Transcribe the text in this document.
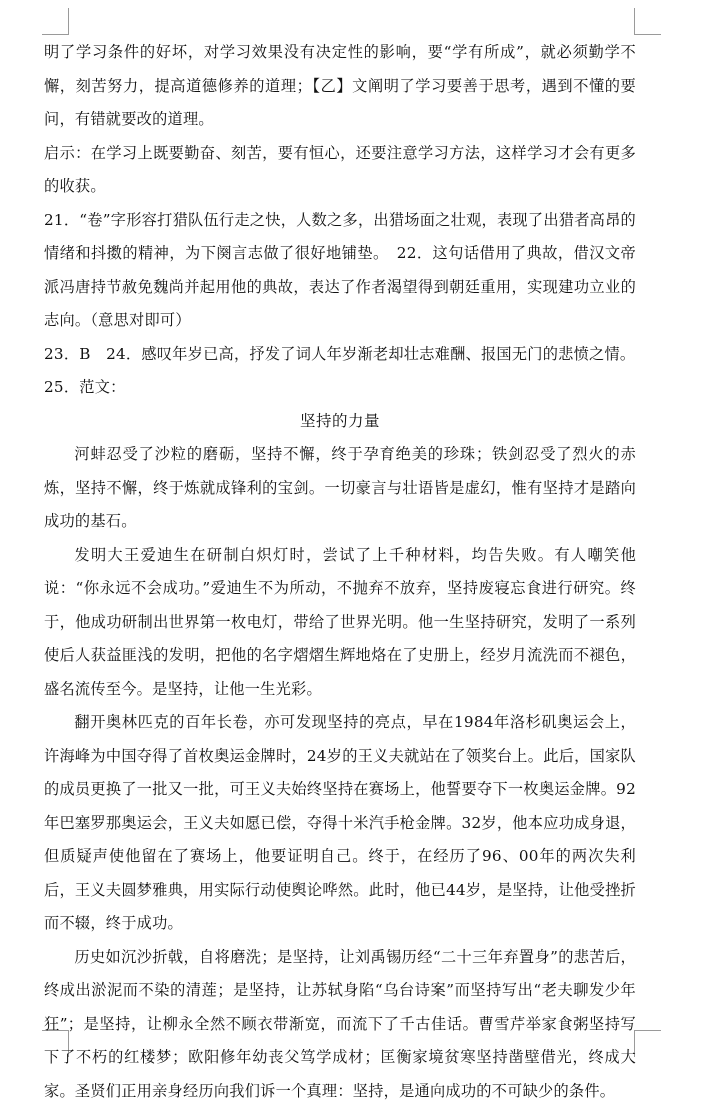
明了学习条件的好坏，对学习效果没有决定性的影响，要“学有所成”，就必须勤学不懈，刻苦努力，提高道德修养的道理；【乙】文阐明了学习要善于思考，遇到不懂的要问，有错就要改的道理。

启示：在学习上既要勤奋、刻苦，要有恒心，还要注意学习方法，这样学习才会有更多的收获。

21．“卷”字形容打猎队伍行走之快，人数之多，出猎场面之壮观，表现了出猎者高昂的情绪和抖擞的精神，为下阕言志做了很好地铺垫。　22．这句话借用了典故，借汉文帝派冯唐持节赦免魏尚并起用他的典故，表达了作者渴望得到朝廷重用，实现建功立业的志向。（意思对即可）

23．B　24．感叹年岁已高，抒发了词人年岁渐老却壮志难酬、报国无门的悲愤之情。

25．范文：

坚持的力量

河蚌忍受了沙粒的磨砺，坚持不懈，终于孕育绝美的珍珠；铁剑忍受了烈火的赤炼，坚持不懈，终于炼就成锋利的宝剑。一切豪言与壮语皆是虚幻，惟有坚持才是踏向成功的基石。

发明大王爱迪生在研制白炽灯时，尝试了上千种材料，均告失败。有人嘲笑他说：“你永远不会成功。”爱迪生不为所动，不抛弃不放弃，坚持废寝忘食进行研究。终于，他成功研制出世界第一枚电灯，带给了世界光明。他一生坚持研究，发明了一系列使后人获益匪浅的发明，把他的名字熠熠生辉地烙在了史册上，经岁月流洗而不褪色，盛名流传至今。是坚持，让他一生光彩。

翻开奥林匹克的百年长卷，亦可发现坚持的亮点，早在1984年洛杉矶奥运会上，许海峰为中国夺得了首枚奥运金牌时，24岁的王义夫就站在了领奖台上。此后，国家队的成员更换了一批又一批，可王义夫始终坚持在赛场上，他誓要夺下一枚奥运金牌。92年巴塞罗那奥运会，王义夫如愿已偿，夺得十米汽手枪金牌。32岁，他本应功成身退，但质疑声使他留在了赛场上，他要证明自己。终于，在经历了96、00年的两次失利后，王义夫圆梦雅典，用实际行动使舆论哗然。此时，他已44岁，是坚持，让他受挫折而不辍，终于成功。

历史如沉沙折戟，自将磨洗；是坚持，让刘禹锡历经“二十三年弃置身”的悲苦后，终成出淤泥而不染的清莲；是坚持，让苏轼身陷“乌台诗案”而坚持写出“老夫聊发少年狂”；是坚持，让柳永全然不顾衣带渐宽，而流下了千古佳话。曹雪芹举家食粥坚持写下了不朽的红楼梦；欧阳修年幼丧父笃学成材；匡衡家境贫寒坚持凿壁借光，终成大家。圣贤们正用亲身经历向我们诉一个真理：坚持，是通向成功的不可缺少的条件。
